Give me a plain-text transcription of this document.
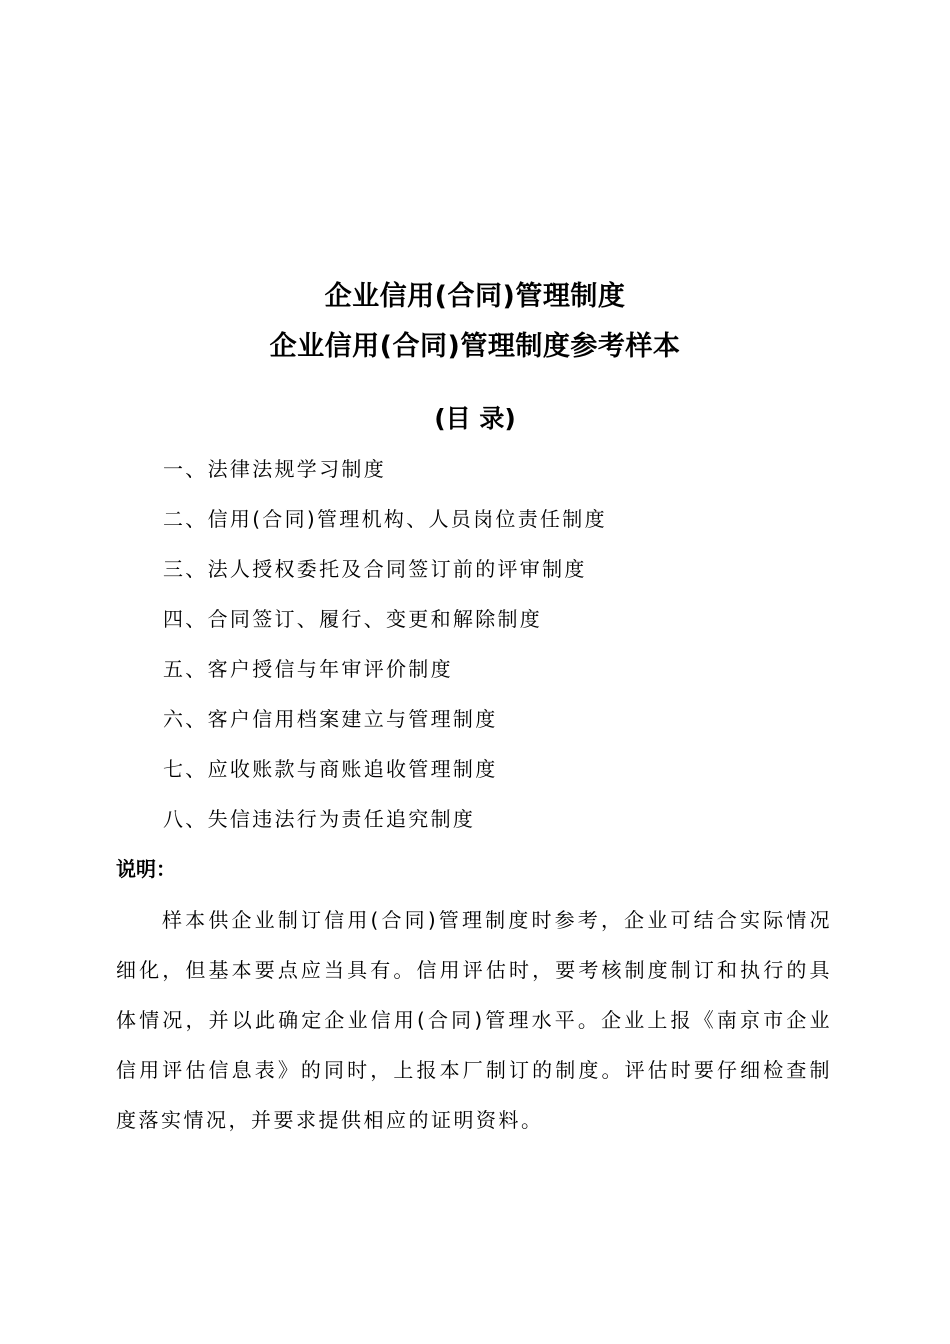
企业信用(合同)管理制度
企业信用(合同)管理制度参考样本
(目 录)
一、法律法规学习制度
二、信用(合同)管理机构、人员岗位责任制度
三、法人授权委托及合同签订前的评审制度
四、合同签订、履行、变更和解除制度
五、客户授信与年审评价制度
六、客户信用档案建立与管理制度
七、应收账款与商账追收管理制度
八、失信违法行为责任追究制度
说明：

样本供企业制订信用(合同)管理制度时参考，企业可结合实际情况细化，但基本要点应当具有。信用评估时，要考核制度制订和执行的具体情况，并以此确定企业信用(合同)管理水平。企业上报《南京市企业信用评估信息表》的同时，上报本厂制订的制度。评估时要仔细检查制度落实情况，并要求提供相应的证明资料。
